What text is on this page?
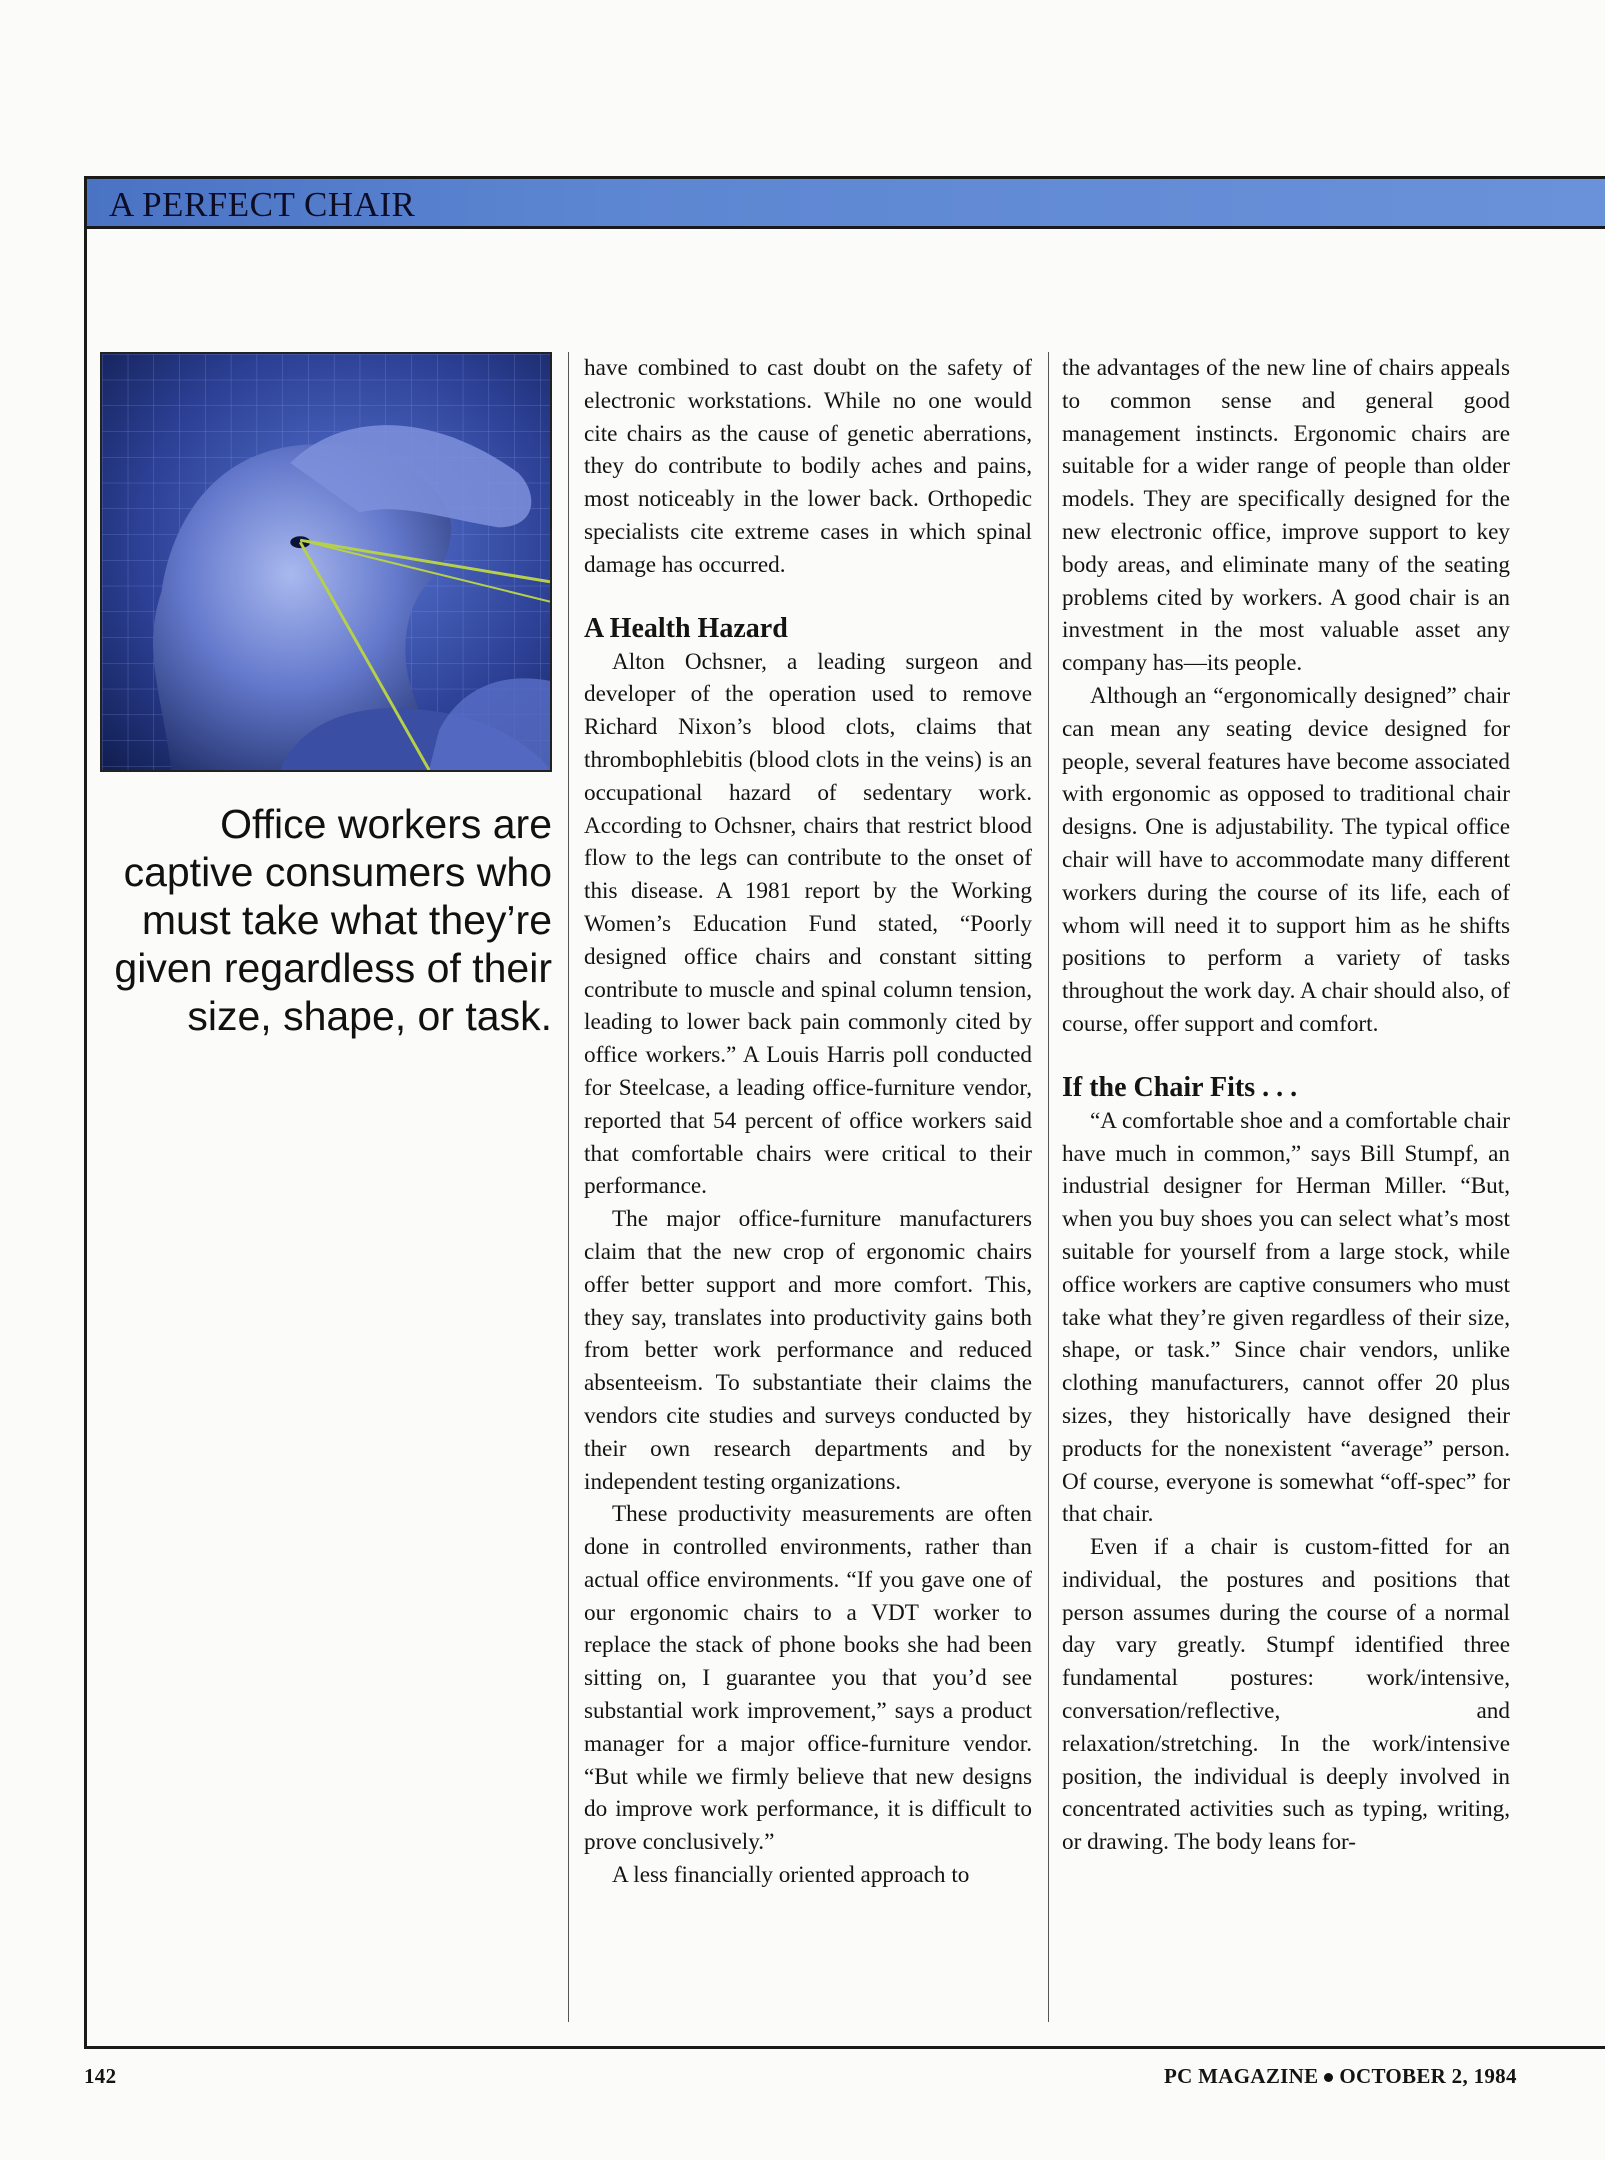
A PERFECT CHAIR
Office workers are captive consumers who must take what they’re given regardless of their size, shape, or task.

have combined to cast doubt on the safety of electronic workstations. While no one would cite chairs as the cause of genetic aberrations, they do contribute to bodily aches and pains, most noticeably in the lower back. Orthopedic specialists cite extreme cases in which spinal damage has occurred.

A Health Hazard

Alton Ochsner, a leading surgeon and developer of the operation used to remove Richard Nixon’s blood clots, claims that thrombophlebitis (blood clots in the veins) is an occupational hazard of sedentary work. According to Ochsner, chairs that restrict blood flow to the legs can contribute to the onset of this disease. A 1981 report by the Working Women’s Education Fund stated, “Poorly designed office chairs and constant sitting contribute to muscle and spinal column tension, leading to lower back pain commonly cited by office workers.” A Louis Harris poll conducted for Steelcase, a leading office-furniture vendor, reported that 54 percent of office workers said that comfortable chairs were critical to their performance.

The major office-furniture manufacturers claim that the new crop of ergonomic chairs offer better support and more comfort. This, they say, translates into productivity gains both from better work performance and reduced absenteeism. To substantiate their claims the vendors cite studies and surveys conducted by their own research departments and by independent testing organizations.

These productivity measurements are often done in controlled environments, rather than actual office environments. “If you gave one of our ergonomic chairs to a VDT worker to replace the stack of phone books she had been sitting on, I guarantee you that you’d see substantial work improvement,” says a product manager for a major office-furniture vendor. “But while we firmly believe that new designs do improve work performance, it is difficult to prove conclusively.”

A less financially oriented approach to

the advantages of the new line of chairs appeals to common sense and general good management instincts. Ergonomic chairs are suitable for a wider range of people than older models. They are specifically designed for the new electronic office, improve support to key body areas, and eliminate many of the seating problems cited by workers. A good chair is an investment in the most valuable asset any company has—its people.

Although an “ergonomically designed” chair can mean any seating device designed for people, several features have become associated with ergonomic as opposed to traditional chair designs. One is adjustability. The typical office chair will have to accommodate many different workers during the course of its life, each of whom will need it to support him as he shifts positions to perform a variety of tasks throughout the work day. A chair should also, of course, offer support and comfort.

If the Chair Fits . . .

“A comfortable shoe and a comfortable chair have much in common,” says Bill Stumpf, an industrial designer for Herman Miller. “But, when you buy shoes you can select what’s most suitable for yourself from a large stock, while office workers are captive consumers who must take what they’re given regardless of their size, shape, or task.” Since chair vendors, unlike clothing manufacturers, cannot offer 20 plus sizes, they historically have designed their products for the nonexistent “average” person. Of course, everyone is somewhat “off-spec” for that chair.

Even if a chair is custom-fitted for an individual, the postures and positions that person assumes during the course of a normal day vary greatly. Stumpf identified three fundamental postures: work/intensive, conversation/reflective, and relaxation/stretching. In the work/intensive position, the individual is deeply involved in concentrated activities such as typing, writing, or drawing. The body leans for-

142	PC MAGAZINE OCTOBER 2, 1984
